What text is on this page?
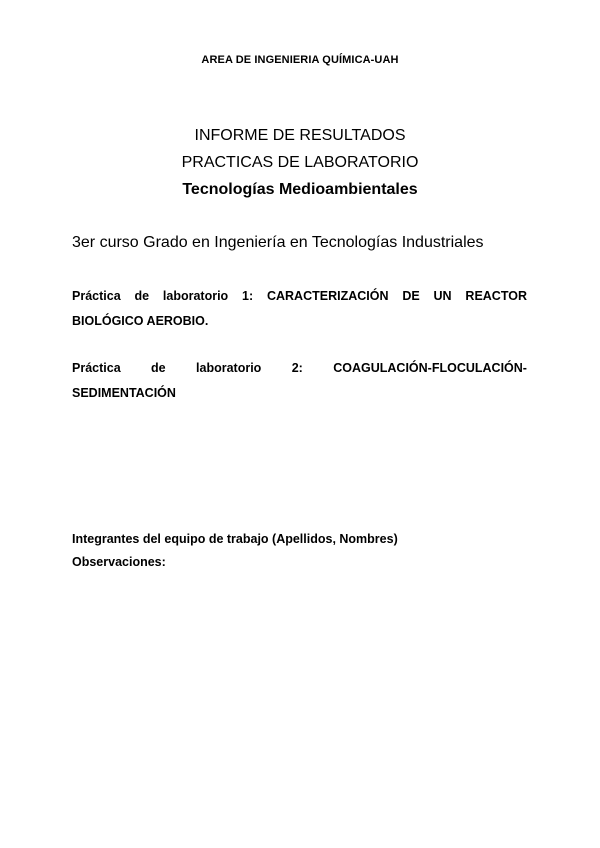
AREA DE INGENIERIA QUÍMICA-UAH
INFORME DE RESULTADOS
PRACTICAS DE LABORATORIO
Tecnologías Medioambientales
3er curso Grado en Ingeniería en Tecnologías Industriales
Práctica de laboratorio 1: CARACTERIZACIÓN DE UN REACTOR BIOLÓGICO AEROBIO.
Práctica de laboratorio 2: COAGULACIÓN-FLOCULACIÓN-
SEDIMENTACIÓN
Integrantes del equipo de trabajo (Apellidos, Nombres)
Observaciones:
